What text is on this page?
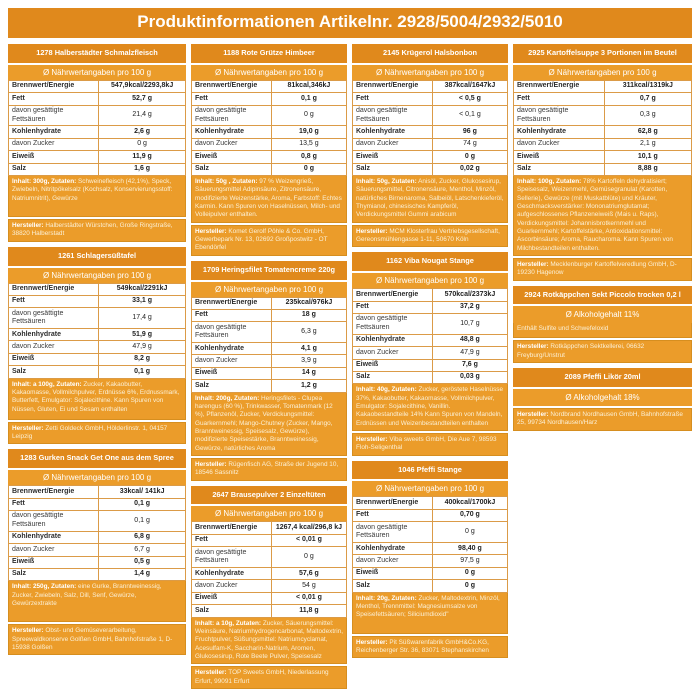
Produktinformationen Artikelnr. 2928/5004/2932/5010
1278 Halberstädter Schmalzfleisch
Ø Nährwertangaben pro 100 g
Brennwert/Energie	547,9kcal/2293,8kJ
Fett	52,7 g
davon gesättigte Fettsäuren	21,4 g
Kohlenhydrate	2,6 g
davon Zucker	0 g
Eiweiß	11,9 g
Salz	1,6 g
Inhalt: 300g, Zutaten: Schweinefleisch (42,1%), Speck, Zwiebeln, Nitritpökelsalz (Kochsalz, Konservierungsstoff: Natriumnitrit), Gewürze
Hersteller: Halberstädter Würstchen, Große Ringstraße, 38820 Halberstadt
1261 Schlagersüßtafel
Ø Nährwertangaben pro 100 g
Brennwert/Energie	549kcal/2291kJ
Fett	33,1 g
davon gesättigte Fettsäuren	17,4 g
Kohlenhydrate	51,9 g
davon Zucker	47,9 g
Eiweiß	8,2 g
Salz	0,1 g
Inhalt: a 100g, Zutaten: Zucker, Kakaobutter, Kakaomasse, Vollmilchpulver, Erdnüsse 6%, Erdnussmark, Butterfett, Emulgator: Sojalecithine. Kann Spuren von Nüssen, Gluten, Ei und Sesam enthalten
Hersteller: Zetti Goldeck GmbH, Hölderlinstr. 1, 04157 Leipzig
1283 Gurken Snack Get One aus dem Spree
Ø Nährwertangaben pro 100 g
Brennwert/Energie	33kcal/ 141kJ
Fett	0,1 g
davon gesättigte Fettsäuren	0,1 g
Kohlenhydrate	6,8 g
davon Zucker	6,7 g
Eiweiß	0,5 g
Salz	1,4 g
Inhalt: 250g, Zutaten: eine Gurke, Branntweinessig, Zucker, Zwiebeln, Salz, Dill, Senf, Gewürze, Gewürzextrakte
Hersteller: Obst- und Gemüseverarbeitung, Spreewaldkonserve Golßen GmbH, Bahnhofstraße 1, D-15938 Golßen
1188 Rote Grütze Himbeer
Ø Nährwertangaben pro 100 g
Brennwert/Energie	81kcal,346kJ
Fett	0,1 g
davon gesättigte Fettsäuren	0 g
Kohlenhydrate	19,0 g
davon Zucker	13,5 g
Eiweiß	0,8 g
Salz	0 g
Inhalt: 50g , Zutaten: 97 % Weizengrieß, Säuerungsmittel Adipinsäure, Zitronensäure, modifizierte Weizenstärke, Aroma, Farbstoff: Echtes Karmin. Kann Spuren von Haselnüssen, Milch- und Volleipulver enthalten.
Hersteller: Komet Gerolf Pöhle & Co. GmbH, Gewerbepark Nr. 13, 02692 Großpostwitz - OT Ebendörfel
1709 Heringsfilet Tomatencreme 220g
Ø Nährwertangaben pro 100 g
Brennwert/Energie	235kcal/976kJ
Fett	18 g
davon gesättigte Fettsäuren	6,3 g
Kohlenhydrate	4,1 g
davon Zucker	3,9 g
Eiweiß	14 g
Salz	1,2 g
Inhalt: 200g, Zutaten: Heringsfilets - Clupea harengus (60 %), Trinkwasser, Tomatenmark (12 %), Pflanzenöl, Zucker, Verdickungsmittel: Guarkernmehl; Mango-Chutney (Zucker, Mango, Branntweinessig, Speisesalz, Gewürze), modifizierte Speisestärke, Branntweinessig, Gewürze, natürliches Aroma
Hersteller: Rügenfisch AG, Straße der Jugend 10, 18546 Sassnitz
2647 Brausepulver 2 Einzeltüten
Ø Nährwertangaben pro 100 g
Brennwert/Energie	1267,4 kcal/296,8 kJ
Fett	< 0,01 g
davon gesättigte Fettsäuren	0 g
Kohlenhydrate	57,6 g
davon Zucker	54 g
Eiweiß	< 0,01 g
Salz	11,8 g
Inhalt: a 10g, Zutaten: Zucker, Säuerungsmittel: Weinsäure, Natriumhydrogencarbonat, Maltodextrin, Fruchtpulver, Süßungsmittel: Natriumcyclamat, Acesulfam-K, Saccharin-Natrium, Aromen, Glukosesirup, Rote Beete Pulver, Speisesalz
Hersteller: TOP Sweets GmbH, Niederlassung Erfurt, 99091 Erfurt
2145 Krügerol Halsbonbon
Ø Nährwertangaben pro 100 g
Brennwert/Energie	387kcal/1647kJ
Fett	< 0,5 g
davon gesättigte Fettsäuren	< 0,1 g
Kohlenhydrate	96 g
davon Zucker	74 g
Eiweiß	0 g
Salz	0,02 g
Inhalt: 50g, Zutaten: Anisöl, Zucker, Glukosesirup, Säuerungsmittel, Citronensäure, Menthol, Minzöl, natürliches Birnenaroma, Salbeiöl, Latschenkieferöl, Thymianol, chinesisches Kampferöl, Verdickungsmittel Gummi arabicum
Hersteller: MCM Klosterfrau Vertriebsgesellschaft, Gereonsmühlengasse 1-11, 50670 Köln
1162 Viba Nougat Stange
Ø Nährwertangaben pro 100 g
Brennwert/Energie	570kcal/2373kJ
Fett	37,2 g
davon gesättigte Fettsäuren	10,7 g
Kohlenhydrate	48,8 g
davon Zucker	47,9 g
Eiweiß	7,6 g
Salz	0,03 g
Inhalt: 40g, Zutaten: Zucker, geröstete Haselnüsse 37%, Kakaobutter, Kakaomasse, Vollmilchpulver, Emulgator: Sojalecithine, Vanillin. Kakaobestandteile 14% Kann Spuren von Mandeln, Erdnüssen und Weizenbestandteilen enthalten
Hersteller: Viba sweets GmbH, Die Aue 7, 98593 Floh-Seligenthal
1046 Pfeffi Stange
Ø Nährwertangaben pro 100 g
Brennwert/Energie	400kcal/1700kJ
Fett	0,70 g
davon gesättigte Fettsäuren	0 g
Kohlenhydrate	98,40 g
davon Zucker	97,5 g
Eiweiß	0 g
Salz	0 g
Inhalt: 20g, Zutaten: Zucker, Maltodextrin, Minzöl, Menthol, Trennmittel: Magnesiumsalze von Speisefettsäuren; Siliciumdioxid"
Hersteller: Pit Süßwarenfabrik GmbH&Co.KG, Reichenberger Str. 36, 83071 Stephanskirchen
2925 Kartoffelsuppe 3 Portionen im Beutel
Ø Nährwertangaben pro 100 g
Brennwert/Energie	311kcal/1319kJ
Fett	0,7 g
davon gesättigte Fettsäuren	0,3 g
Kohlenhydrate	62,8 g
davon Zucker	2,1 g
Eiweiß	10,1 g
Salz	8,88 g
Inhalt: 100g, Zutaten: 78% Kartoffeln dehydratisiert; Speisesalz, Weizenmehl, Gemüsegranulat (Karotten, Sellerie), Gewürze (mit Muskatblüte) und Kräuter, Geschmacksverstärker: Mononatriumglutamat; aufgeschlossenes Pflanzeneiweiß (Mais u. Raps), Verdickungsmittel: Johannisbrotkernmehl und Guarkernmehl; Kartoffelstärke, Antioxidationsmittel: Ascorbinsäure; Aroma, Raucharoma. Kann Spuren von Milchbestandteilen enthalten.
Hersteller: Mecklenburger Kartoffelveredlung GmbH, D-19230 Hagenow
2924 Rotkäppchen Sekt Piccolo trocken 0,2 l
Ø Alkoholgehalt 11%
Enthält Sulfite und Schwefeloxid
Hersteller: Rotkäppchen Sektkellerei, 06632 Freyburg/Unstrut
2089 Pfeffi Likör 20ml
Ø Alkoholgehalt 18%
Hersteller: Nordbrand Nordhausen GmbH, Bahnhofstraße 25, 99734 Nordhausen/Harz
